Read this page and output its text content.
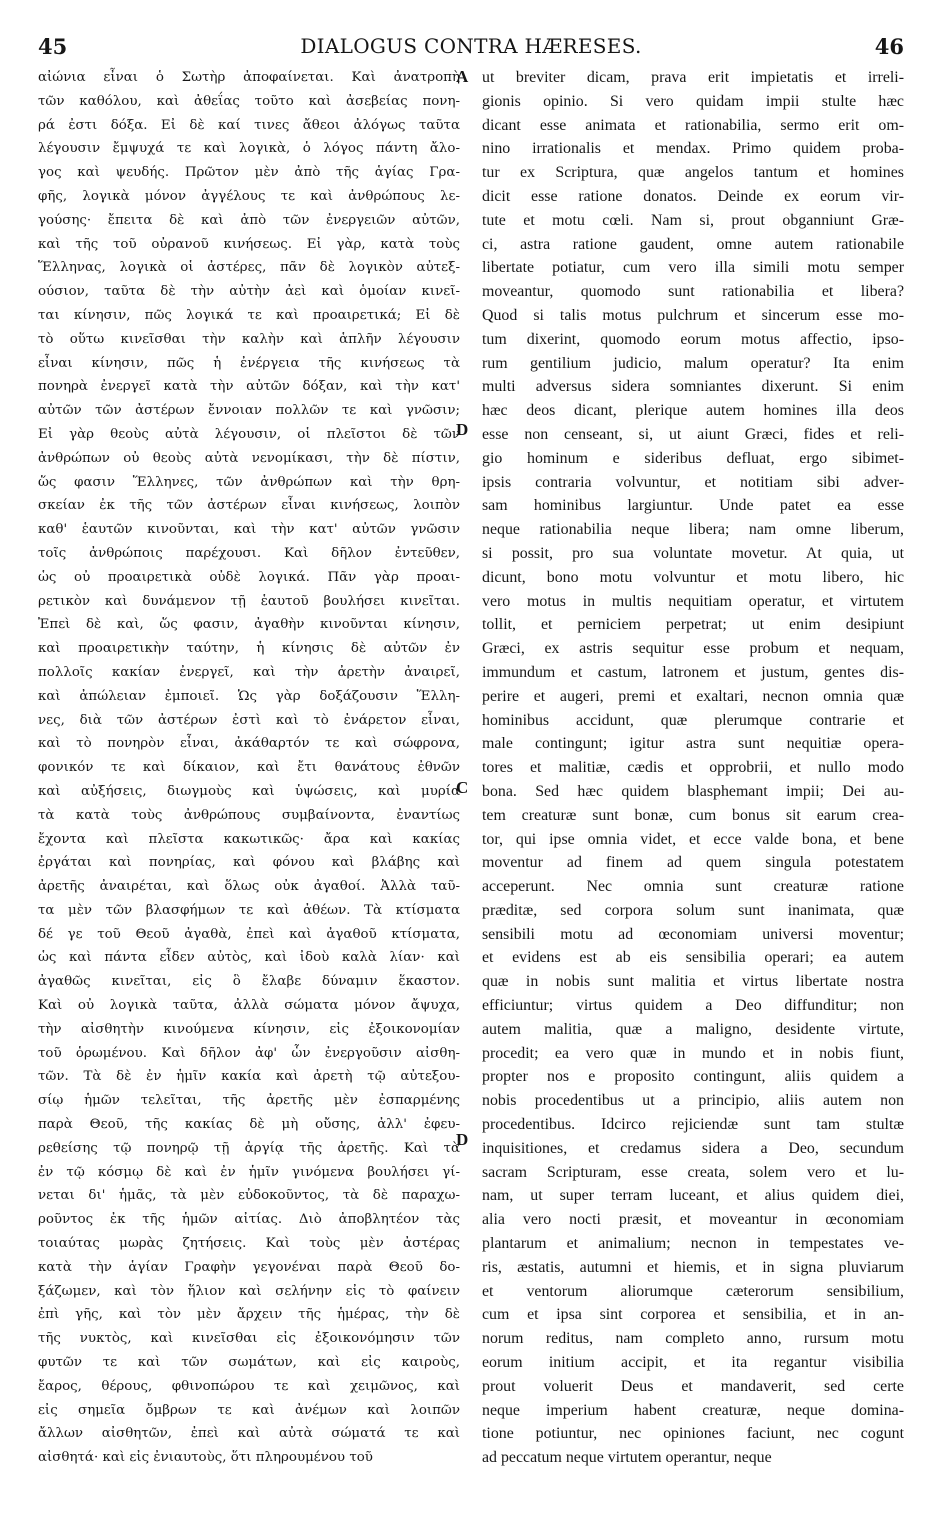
45	DIALOGUS CONTRA HÆRESES.	46
A
D
C
D
αἰώνια εἶναι ὁ Σωτὴρ ἀποφαίνεται. Καὶ ἀνατροπὴ
τῶν καθόλου, καὶ ἀθεΐας τοῦτο καὶ ἀσεβείας πονη-
ρά ἐστι δόξα. Εἰ δὲ καί τινες ἄθεοι ἀλόγως ταῦτα
λέγουσιν ἔμψυχά τε καὶ λογικὰ, ὁ λόγος πάντη ἄλο-
γος καὶ ψευδής. Πρῶτον μὲν ἀπὸ τῆς ἁγίας Γρα-
φῆς, λογικὰ μόνον ἀγγέλους τε καὶ ἀνθρώπους λε-
γούσης· ἔπειτα δὲ καὶ ἀπὸ τῶν ἐνεργειῶν αὐτῶν,
καὶ τῆς τοῦ οὐρανοῦ κινήσεως. Εἰ γὰρ, κατὰ τοὺς
Ἕλληνας, λογικὰ οἱ ἀστέρες, πᾶν δὲ λογικὸν αὐτεξ-
ούσιον, ταῦτα δὲ τὴν αὐτὴν ἀεὶ καὶ ὁμοίαν κινεῖ-
ται κίνησιν, πῶς λογικά τε καὶ προαιρετικά; Εἰ δὲ
τὸ οὕτω κινεῖσθαι τὴν καλὴν καὶ ἁπλῆν λέγουσιν
εἶναι κίνησιν, πῶς ἡ ἐνέργεια τῆς κινήσεως τὰ
πονηρὰ ἐνεργεῖ κατὰ τὴν αὐτῶν δόξαν, καὶ τὴν κατ'
αὐτῶν τῶν ἀστέρων ἔννοιαν πολλῶν τε καὶ γνῶσιν;
Εἰ γὰρ θεοὺς αὐτὰ λέγουσιν, οἱ πλεῖστοι δὲ τῶν
ἀνθρώπων οὐ θεοὺς αὐτὰ νενομίκασι, τὴν δὲ πίστιν,
ὥς φασιν Ἕλληνες, τῶν ἀνθρώπων καὶ τὴν θρη-
σκείαν ἐκ τῆς τῶν ἀστέρων εἶναι κινήσεως, λοιπὸν
καθ' ἑαυτῶν κινοῦνται, καὶ τὴν κατ' αὐτῶν γνῶσιν
τοῖς ἀνθρώποις παρέχουσι. Καὶ δῆλον ἐντεῦθεν,
ὡς οὐ προαιρετικὰ οὐδὲ λογικά. Πᾶν γὰρ προαι-
ρετικὸν καὶ δυνάμενον τῇ ἑαυτοῦ βουλήσει κινεῖται.
Ἐπεὶ δὲ καὶ, ὥς φασιν, ἀγαθὴν κινοῦνται κίνησιν,
καὶ προαιρετικὴν ταύτην, ἡ κίνησις δὲ αὐτῶν ἐν
πολλοῖς κακίαν ἐνεργεῖ, καὶ τὴν ἀρετὴν ἀναιρεῖ,
καὶ ἀπώλειαν ἐμποιεῖ. Ὡς γὰρ δοξάζουσιν Ἕλλη-
νες, διὰ τῶν ἀστέρων ἐστὶ καὶ τὸ ἐνάρετον εἶναι,
καὶ τὸ πονηρὸν εἶναι, ἀκάθαρτόν τε καὶ σώφρονα,
φονικόν τε καὶ δίκαιον, καὶ ἔτι θανάτους ἐθνῶν
καὶ αὐξήσεις, διωγμοὺς καὶ ὑψώσεις, καὶ μυρία
τὰ κατὰ τοὺς ἀνθρώπους συμβαίνοντα, ἐναντίως
ἔχοντα καὶ πλεῖστα κακωτικῶς· ἄρα καὶ κακίας
ἐργάται καὶ πονηρίας, καὶ φόνου καὶ βλάβης καὶ
ἀρετῆς ἀναιρέται, καὶ ὅλως οὐκ ἀγαθοί. Ἀλλὰ ταῦ-
τα μὲν τῶν βλασφήμων τε καὶ ἀθέων. Τὰ κτίσματα
δέ γε τοῦ Θεοῦ ἀγαθὰ, ἐπεὶ καὶ ἀγαθοῦ κτίσματα,
ὡς καὶ πάντα εἶδεν αὐτὸς, καὶ ἰδοὺ καλὰ λίαν· καὶ
ἀγαθῶς κινεῖται, εἰς ὃ ἔλαβε δύναμιν ἕκαστον.
Καὶ οὐ λογικὰ ταῦτα, ἀλλὰ σώματα μόνον ἄψυχα,
τὴν αἰσθητὴν κινούμενα κίνησιν, εἰς ἐξοικονομίαν
τοῦ ὁρωμένου. Καὶ δῆλον ἀφ' ὧν ἐνεργοῦσιν αἰσθη-
τῶν. Τὰ δὲ ἐν ἡμῖν κακία καὶ ἀρετὴ τῷ αὐτεξου-
σίῳ ἡμῶν τελεῖται, τῆς ἀρετῆς μὲν ἐσπαρμένης
παρὰ Θεοῦ, τῆς κακίας δὲ μὴ οὔσης, ἀλλ' ἐφευ-
ρεθείσης τῷ πονηρῷ τῇ ἀργίᾳ τῆς ἀρετῆς. Καὶ τὰ
ἐν τῷ κόσμῳ δὲ καὶ ἐν ἡμῖν γινόμενα βουλήσει γί-
νεται δι' ἡμᾶς, τὰ μὲν εὐδοκοῦντος, τὰ δὲ παραχω-
ροῦντος ἐκ τῆς ἡμῶν αἰτίας. Διὸ ἀποβλητέον τὰς
τοιαύτας μωρὰς ζητήσεις. Καὶ τοὺς μὲν ἀστέρας
κατὰ τὴν ἁγίαν Γραφὴν γεγονέναι παρὰ Θεοῦ δο-
ξάζωμεν, καὶ τὸν ἥλιον καὶ σελήνην εἰς τὸ φαίνειν
ἐπὶ γῆς, καὶ τὸν μὲν ἄρχειν τῆς ἡμέρας, τὴν δὲ
τῆς νυκτὸς, καὶ κινεῖσθαι εἰς ἐξοικονόμησιν τῶν
φυτῶν τε καὶ τῶν σωμάτων, καὶ εἰς καιροὺς,
ἔαρος, θέρους, φθινοπώρου τε καὶ χειμῶνος, καὶ
εἰς σημεῖα ὄμβρων τε καὶ ἀνέμων καὶ λοιπῶν
ἄλλων αἰσθητῶν, ἐπεὶ καὶ αὐτὰ σώματά τε καὶ
αἰσθητά· καὶ εἰς ἐνιαυτοὺς, ὅτι πληρουμένου τοῦ
ut breviter dicam, prava erit impietatis et irreli-
gionis opinio. Si vero quidam impii stulte hæc
dicant esse animata et rationabilia, sermo erit om-
nino irrationalis et mendax. Primo quidem proba-
tur ex Scriptura, quæ angelos tantum et homines
dicit esse ratione donatos. Deinde ex eorum vir-
tute et motu cœli. Nam si, prout obganniunt Græ-
ci, astra ratione gaudent, omne autem rationabile
libertate potiatur, cum vero illa simili motu semper
moveantur, quomodo sunt rationabilia et libera?
Quod si talis motus pulchrum et sincerum esse mo-
tum dixerint, quomodo eorum motus affectio, ipso-
rum gentilium judicio, malum operatur? Ita enim
multi adversus sidera somniantes dixerunt. Si enim
hæc deos dicant, plerique autem homines illa deos
esse non censeant, si, ut aiunt Græci, fides et reli-
gio hominum e sideribus defluat, ergo sibimet-
ipsis contraria volvuntur, et notitiam sibi adver-
sam hominibus largiuntur. Unde patet ea esse
neque rationabilia neque libera; nam omne liberum,
si possit, pro sua voluntate movetur. At quia, ut
dicunt, bono motu volvuntur et motu libero, hic
vero motus in multis nequitiam operatur, et virtutem
tollit, et perniciem perpetrat; ut enim desipiunt
Græci, ex astris sequitur esse probum et nequam,
immundum et castum, latronem et justum, gentes dis-
perire et augeri, premi et exaltari, necnon omnia quæ
hominibus accidunt, quæ plerumque contrarie et
male contingunt; igitur astra sunt nequitiæ opera-
tores et malitiæ, cædis et opprobrii, et nullo modo
bona. Sed hæc quidem blasphemant impii; Dei au-
tem creaturæ sunt bonæ, cum bonus sit earum crea-
tor, qui ipse omnia videt, et ecce valde bona, et bene
moventur ad finem ad quem singula potestatem
acceperunt. Nec omnia sunt creaturæ ratione
præditæ, sed corpora solum sunt inanimata, quæ
sensibili motu ad œconomiam universi moventur;
et evidens est ab eis sensibilia operari; ea autem
quæ in nobis sunt malitia et virtus libertate nostra
efficiuntur; virtus quidem a Deo diffunditur; non
autem malitia, quæ a maligno, desidente virtute,
procedit; ea vero quæ in mundo et in nobis fiunt,
propter nos e proposito contingunt, aliis quidem a
nobis procedentibus ut a principio, aliis autem non
procedentibus. Idcirco rejiciendæ sunt tam stultæ
inquisitiones, et credamus sidera a Deo, secundum
sacram Scripturam, esse creata, solem vero et lu-
nam, ut super terram luceant, et alius quidem diei,
alia vero nocti præsit, et moveantur in œconomiam
plantarum et animalium; necnon in tempestates ve-
ris, æstatis, autumni et hiemis, et in signa pluviarum
et ventorum aliorumque cæterorum sensibilium,
cum et ipsa sint corporea et sensibilia, et in an-
norum reditus, nam completo anno, rursum motu
eorum initium accipit, et ita regantur visibilia
prout voluerit Deus et mandaverit, sed certe
neque imperium habent creaturæ, neque domina-
tione potiuntur, nec opiniones faciunt, nec cogunt
ad peccatum neque virtutem operantur, neque
